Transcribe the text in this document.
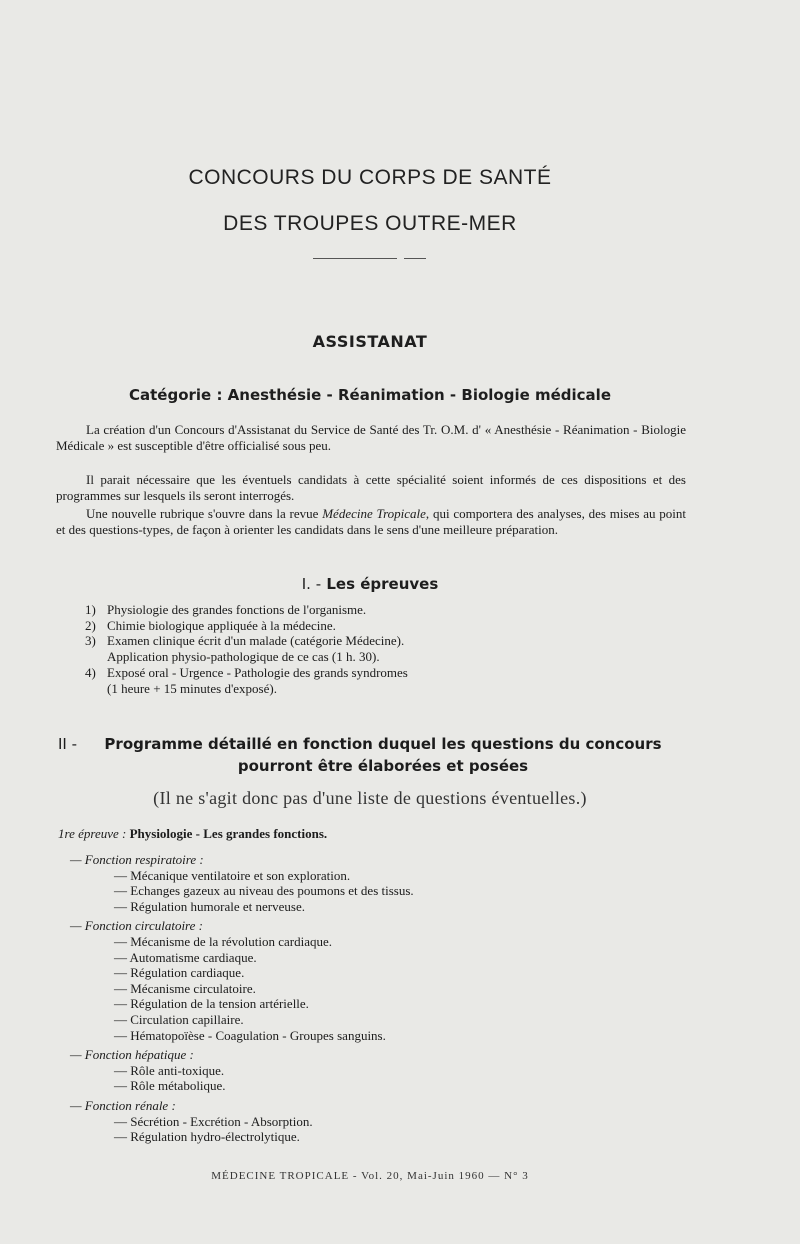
CONCOURS DU CORPS DE SANTÉ
DES TROUPES OUTRE-MER
ASSISTANAT
Catégorie : Anesthésie - Réanimation - Biologie médicale
La création d'un Concours d'Assistanat du Service de Santé des Tr. O.M. d' « Anesthésie - Réanimation - Biologie Médicale » est susceptible d'être officialisé sous peu.
Il parait nécessaire que les éventuels candidats à cette spécialité soient informés de ces dispositions et des programmes sur lesquels ils seront interrogés.
Une nouvelle rubrique s'ouvre dans la revue Médecine Tropicale, qui comportera des analyses, des mises au point et des questions-types, de façon à orienter les candidats dans le sens d'une meilleure préparation.
I. - Les épreuves
1) Physiologie des grandes fonctions de l'organisme.
2) Chimie biologique appliquée à la médecine.
3) Examen clinique écrit d'un malade (catégorie Médecine).
Application physio-pathologique de ce cas (1 h. 30).
4) Exposé oral - Urgence - Pathologie des grands syndromes
(1 heure + 15 minutes d'exposé).
II -	Programme détaillé en fonction duquel les questions du concours
pourront être élaborées et posées
(Il ne s'agit donc pas d'une liste de questions éventuelles.)
1re épreuve : Physiologie - Les grandes fonctions.
— Fonction respiratoire :
— Mécanique ventilatoire et son exploration.
— Echanges gazeux au niveau des poumons et des tissus.
— Régulation humorale et nerveuse.
— Fonction circulatoire :
— Mécanisme de la révolution cardiaque.
— Automatisme cardiaque.
— Régulation cardiaque.
— Mécanisme circulatoire.
— Régulation de la tension artérielle.
— Circulation capillaire.
— Hématopoïèse - Coagulation - Groupes sanguins.
— Fonction hépatique :
— Rôle anti-toxique.
— Rôle métabolique.
— Fonction rénale :
— Sécrétion - Excrétion - Absorption.
— Régulation hydro-électrolytique.
MÉDECINE TROPICALE - Vol. 20, Mai-Juin 1960 — N° 3
